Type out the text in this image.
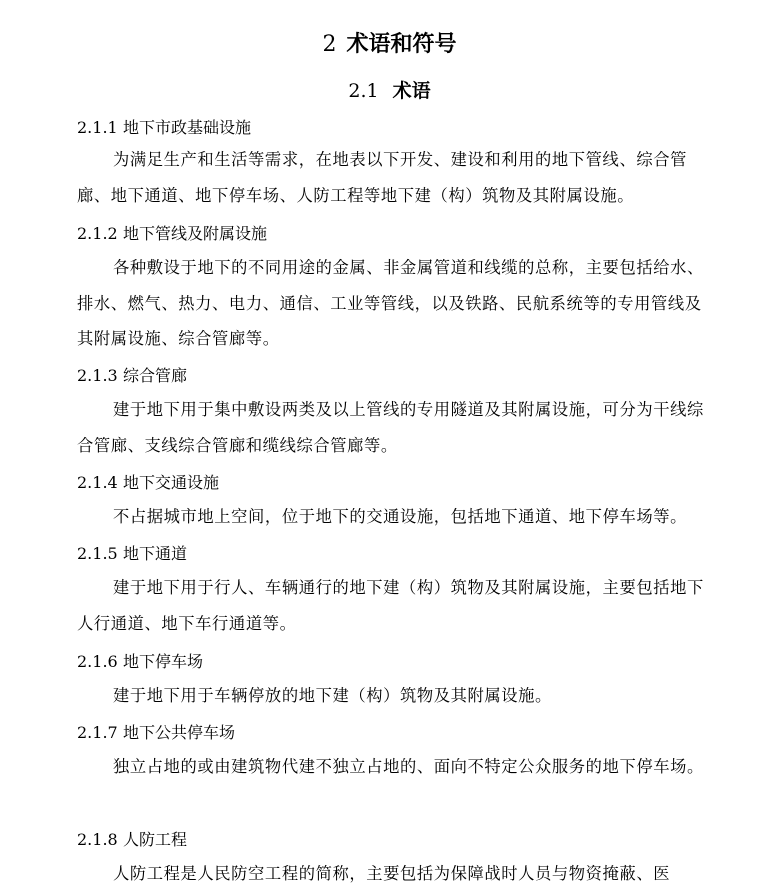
2 术语和符号
2.1 术语
2.1.1 地下市政基础设施
为满足生产和生活等需求，在地表以下开发、建设和利用的地下管线、综合管廊、地下通道、地下停车场、人防工程等地下建（构）筑物及其附属设施。
2.1.2 地下管线及附属设施
各种敷设于地下的不同用途的金属、非金属管道和线缆的总称，主要包括给水、排水、燃气、热力、电力、通信、工业等管线，以及铁路、民航系统等的专用管线及其附属设施、综合管廊等。
2.1.3 综合管廊
建于地下用于集中敷设两类及以上管线的专用隧道及其附属设施，可分为干线综合管廊、支线综合管廊和缆线综合管廊等。
2.1.4 地下交通设施
不占据城市地上空间，位于地下的交通设施，包括地下通道、地下停车场等。
2.1.5 地下通道
建于地下用于行人、车辆通行的地下建（构）筑物及其附属设施，主要包括地下人行通道、地下车行通道等。
2.1.6 地下停车场
建于地下用于车辆停放的地下建（构）筑物及其附属设施。
2.1.7 地下公共停车场
独立占地的或由建筑物代建不独立占地的、面向不特定公众服务的地下停车场。
2.1.8 人防工程
人防工程是人民防空工程的简称，主要包括为保障战时人员与物资掩蔽、医
